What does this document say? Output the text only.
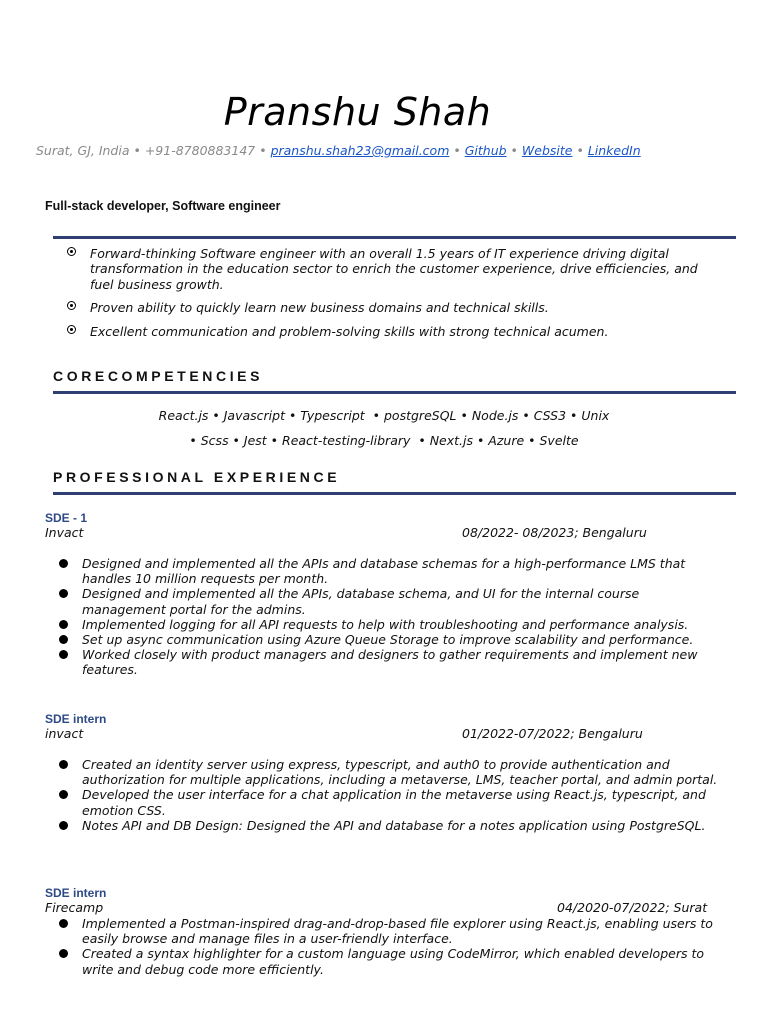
Pranshu Shah
Surat, GJ, India • +91-8780883147 • pranshu.shah23@gmail.com • Github • Website • LinkedIn
Full-stack developer, Software engineer
Forward-thinking Software engineer with an overall 1.5 years of IT experience driving digital transformation in the education sector to enrich the customer experience, drive efficiencies, and fuel business growth.
Proven ability to quickly learn new business domains and technical skills.
Excellent communication and problem-solving skills with strong technical acumen.
CORECOMPETENCIES
React.js • Javascript • Typescript  • postgreSQL • Node.js • CSS3 • Unix
• Scss • Jest • React-testing-library  • Next.js • Azure • Svelte
PROFESSIONAL EXPERIENCE
SDE - 1
Invact	08/2022- 08/2023; Bengaluru
Designed and implemented all the APIs and database schemas for a high-performance LMS that handles 10 million requests per month.
Designed and implemented all the APIs, database schema, and UI for the internal course management portal for the admins.
Implemented logging for all API requests to help with troubleshooting and performance analysis.
Set up async communication using Azure Queue Storage to improve scalability and performance.
Worked closely with product managers and designers to gather requirements and implement new features.
SDE intern
invact	01/2022-07/2022; Bengaluru
Created an identity server using express, typescript, and auth0 to provide authentication and authorization for multiple applications, including a metaverse, LMS, teacher portal, and admin portal.
Developed the user interface for a chat application in the metaverse using React.js, typescript, and emotion CSS.
Notes API and DB Design: Designed the API and database for a notes application using PostgreSQL.
SDE intern
Firecamp	04/2020-07/2022; Surat
Implemented a Postman-inspired drag-and-drop-based file explorer using React.js, enabling users to easily browse and manage files in a user-friendly interface.
Created a syntax highlighter for a custom language using CodeMirror, which enabled developers to write and debug code more efficiently.
